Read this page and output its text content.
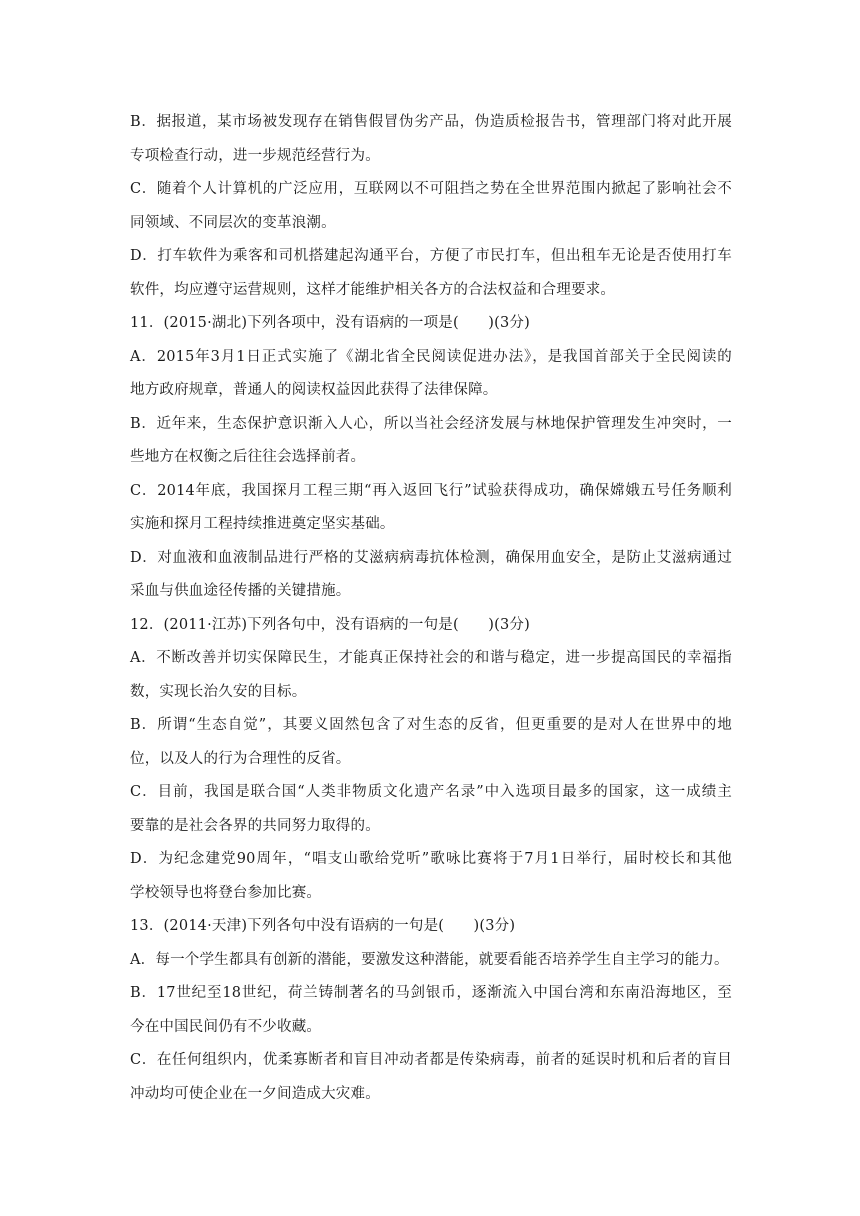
B．据报道，某市场被发现存在销售假冒伪劣产品，伪造质检报告书，管理部门将对此开展
专项检查行动，进一步规范经营行为。

C．随着个人计算机的广泛应用，互联网以不可阻挡之势在全世界范围内掀起了影响社会不
同领域、不同层次的变革浪潮。

D．打车软件为乘客和司机搭建起沟通平台，方便了市民打车，但出租车无论是否使用打车
软件，均应遵守运营规则，这样才能维护相关各方的合法权益和合理要求。

11．(2015·湖北)下列各项中，没有语病的一项是(　　)(3分)

A．2015年3月1日正式实施了《湖北省全民阅读促进办法》，是我国首部关于全民阅读的
地方政府规章，普通人的阅读权益因此获得了法律保障。

B．近年来，生态保护意识渐入人心，所以当社会经济发展与林地保护管理发生冲突时，一
些地方在权衡之后往往会选择前者。

C．2014年底，我国探月工程三期“再入返回飞行”试验获得成功，确保嫦娥五号任务顺利
实施和探月工程持续推进奠定坚实基础。

D．对血液和血液制品进行严格的艾滋病病毒抗体检测，确保用血安全，是防止艾滋病通过
采血与供血途径传播的关键措施。

12．(2011·江苏)下列各句中，没有语病的一句是(　　)(3分)

A．不断改善并切实保障民生，才能真正保持社会的和谐与稳定，进一步提高国民的幸福指
数，实现长治久安的目标。

B．所谓“生态自觉”，其要义固然包含了对生态的反省，但更重要的是对人在世界中的地
位，以及人的行为合理性的反省。

C．目前，我国是联合国“人类非物质文化遗产名录”中入选项目最多的国家，这一成绩主
要靠的是社会各界的共同努力取得的。

D．为纪念建党90周年，“唱支山歌给党听”歌咏比赛将于7月1日举行，届时校长和其他
学校领导也将登台参加比赛。

13．(2014·天津)下列各句中没有语病的一句是(　　)(3分)

A．每一个学生都具有创新的潜能，要激发这种潜能，就要看能否培养学生自主学习的能力。

B．17世纪至18世纪，荷兰铸制著名的马剑银币，逐渐流入中国台湾和东南沿海地区，至
今在中国民间仍有不少收藏。

C．在任何组织内，优柔寡断者和盲目冲动者都是传染病毒，前者的延误时机和后者的盲目
冲动均可使企业在一夕间造成大灾难。
